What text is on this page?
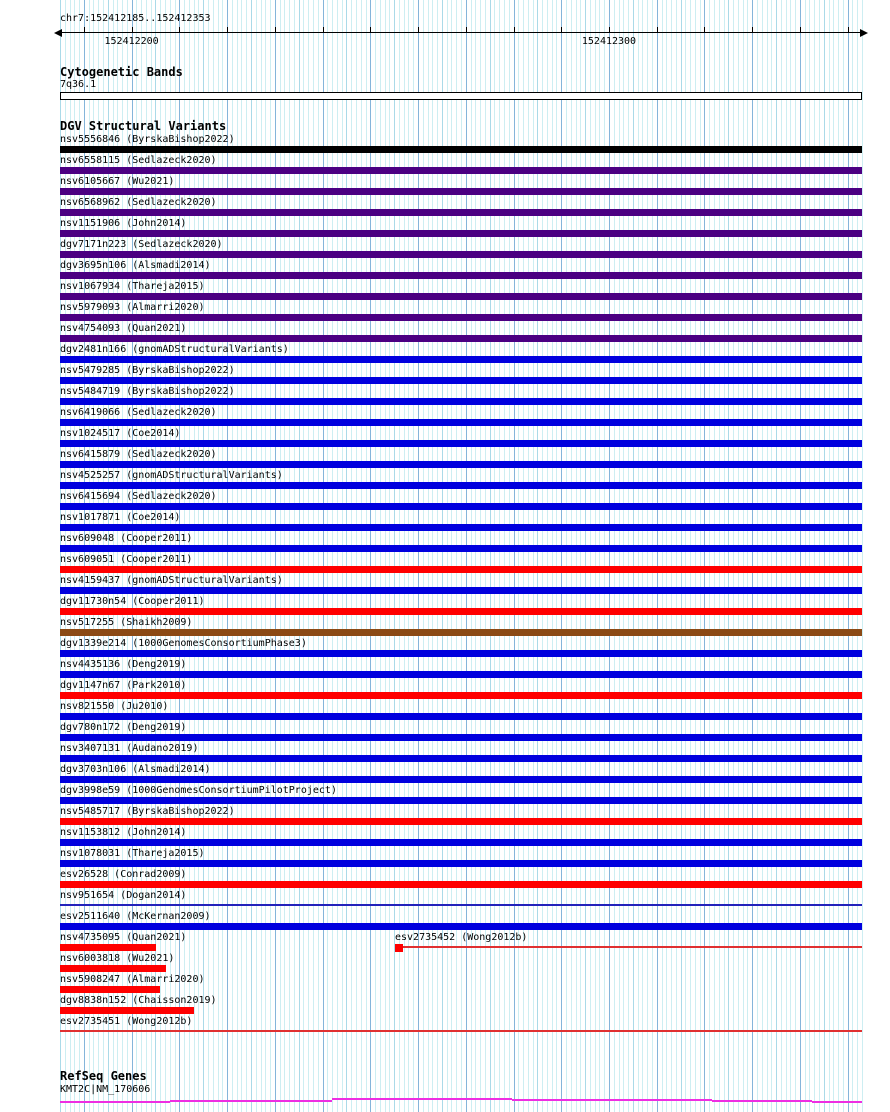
chr7:152412185..152412353
152412200	152412300
Cytogenetic Bands
7q36.1
DGV Structural Variants
nsv5556846 (ByrskaBishop2022)
nsv6558115 (Sedlazeck2020)
nsv6105667 (Wu2021)
nsv6568962 (Sedlazeck2020)
nsv1151906 (John2014)
dgv7171n223 (Sedlazeck2020)
dgv3695n106 (Alsmadi2014)
nsv1067934 (Thareja2015)
nsv5979093 (Almarri2020)
nsv4754093 (Quan2021)
dgv2481n166 (gnomADStructuralVariants)
nsv5479285 (ByrskaBishop2022)
nsv5484719 (ByrskaBishop2022)
nsv6419066 (Sedlazeck2020)
nsv1024517 (Coe2014)
nsv6415879 (Sedlazeck2020)
nsv4525257 (gnomADStructuralVariants)
nsv6415694 (Sedlazeck2020)
nsv1017871 (Coe2014)
nsv609048 (Cooper2011)
nsv609051 (Cooper2011)
nsv4159437 (gnomADStructuralVariants)
dgv11730n54 (Cooper2011)
nsv517255 (Shaikh2009)
dgv1339e214 (1000GenomesConsortiumPhase3)
nsv4435136 (Deng2019)
dgv1147n67 (Park2010)
nsv821550 (Ju2010)
dgv780n172 (Deng2019)
nsv3407131 (Audano2019)
dgv3703n106 (Alsmadi2014)
dgv3998e59 (1000GenomesConsortiumPilotProject)
nsv5485717 (ByrskaBishop2022)
nsv1153812 (John2014)
nsv1078031 (Thareja2015)
esv26528 (Conrad2009)
nsv951654 (Dogan2014)
esv2511640 (McKernan2009)
nsv4735095 (Quan2021)	esv2735452 (Wong2012b)
nsv6003818 (Wu2021)
nsv5908247 (Almarri2020)
dgv8838n152 (Chaisson2019)
esv2735451 (Wong2012b)
RefSeq Genes
KMT2C|NM_170606
